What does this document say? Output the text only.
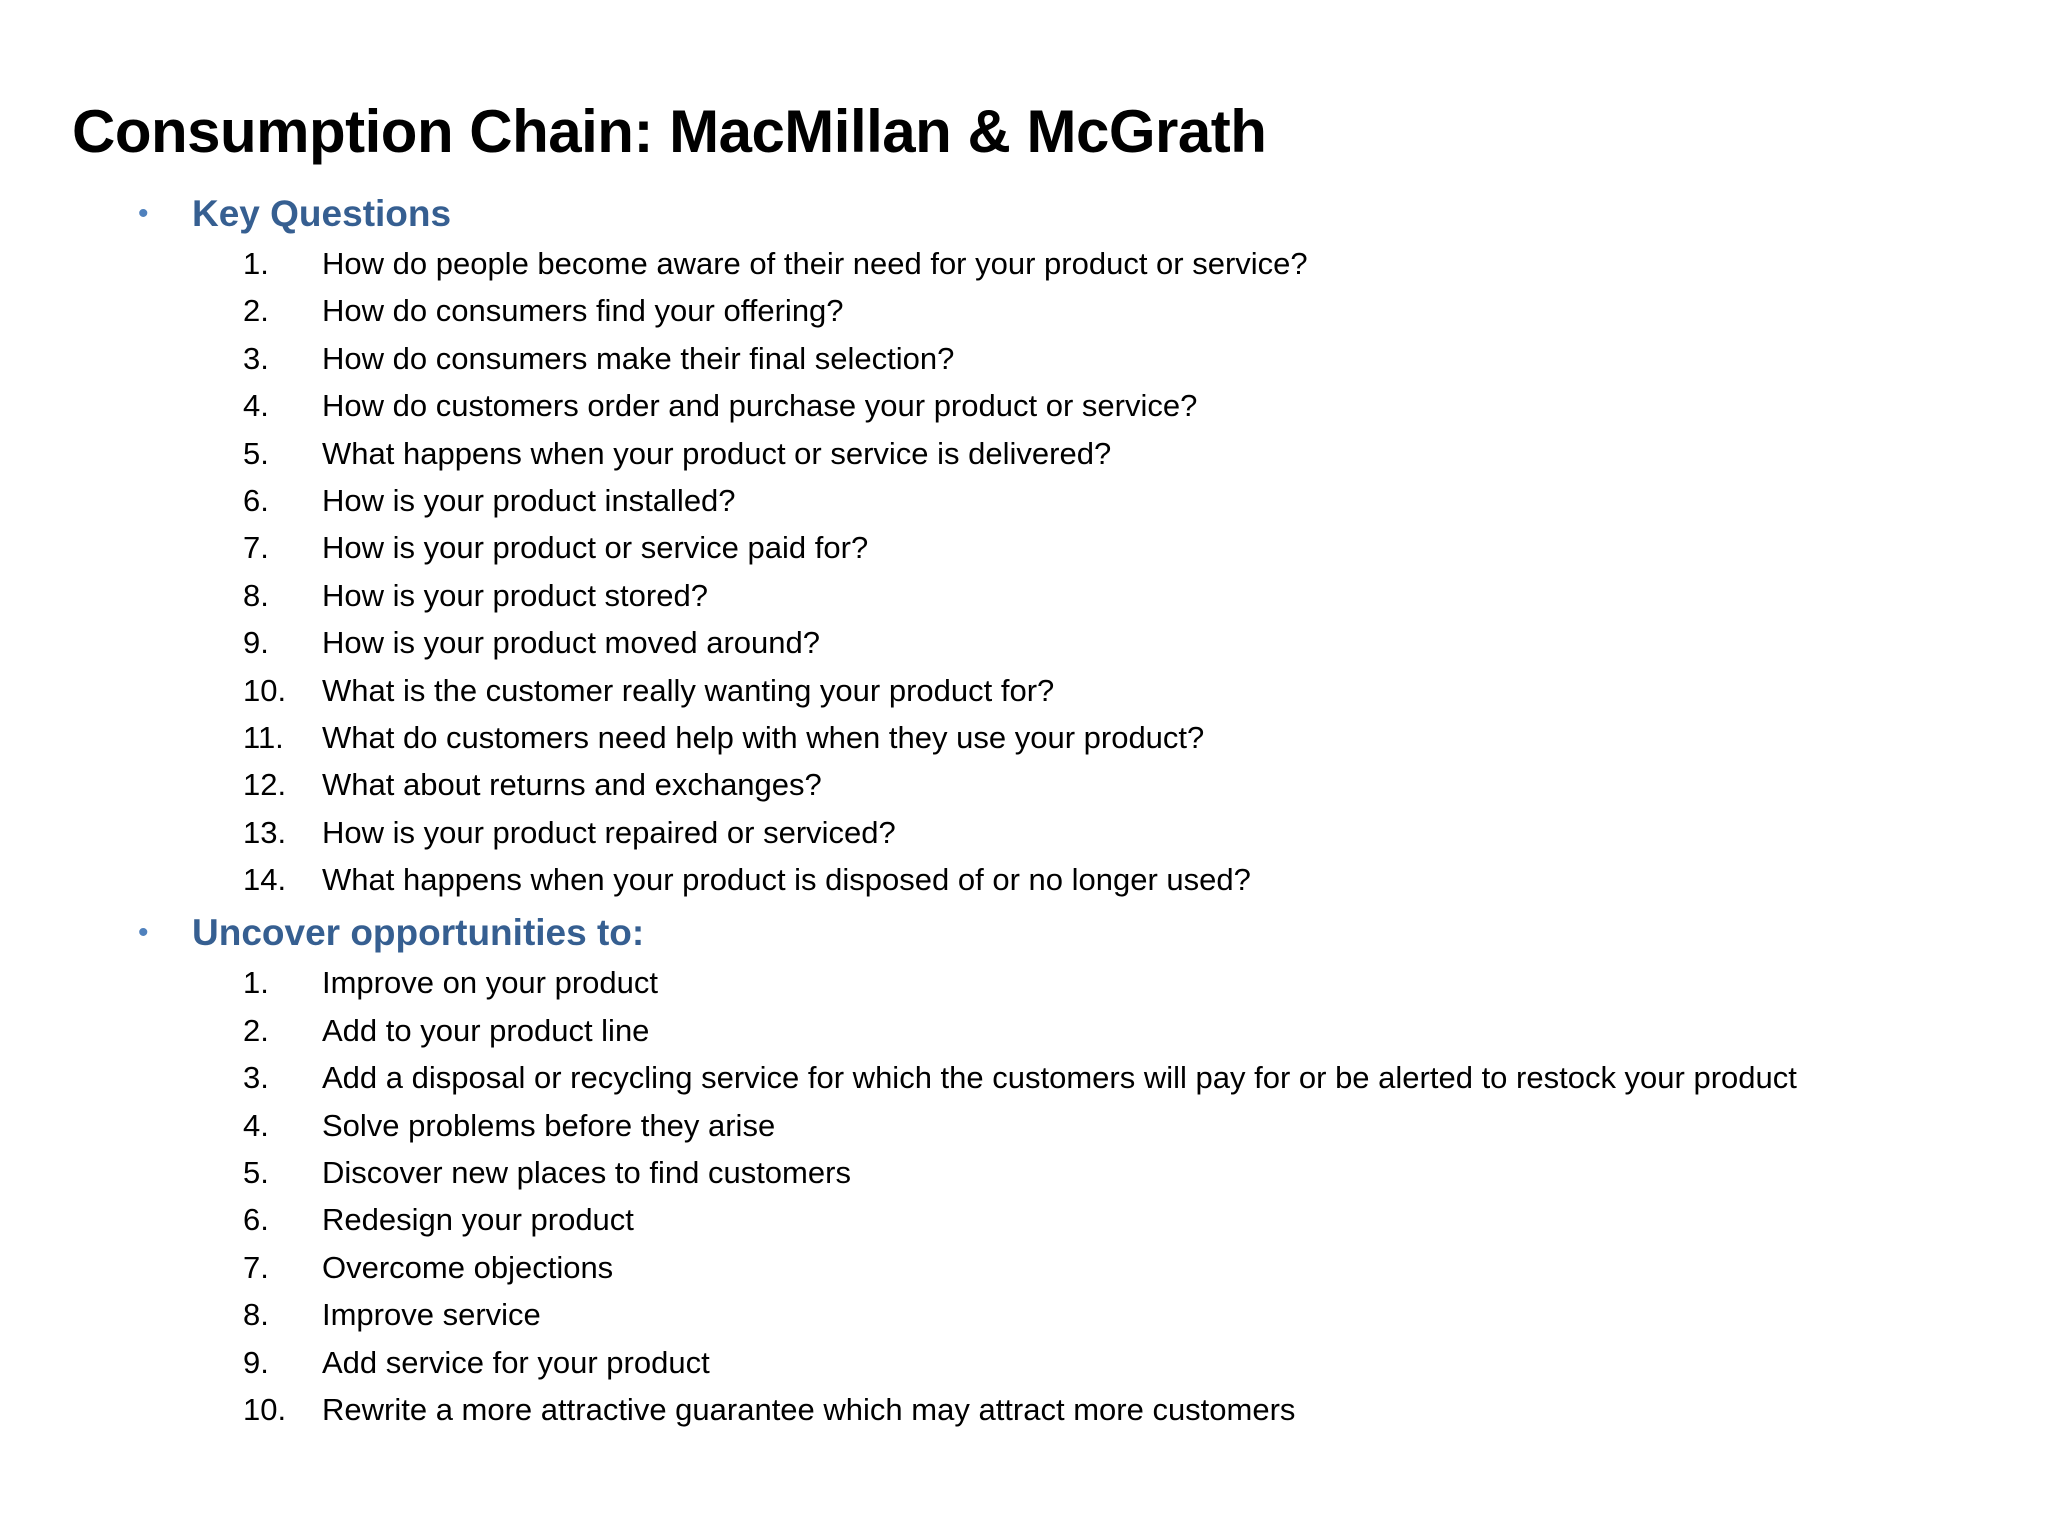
Consumption Chain: MacMillan & McGrath
• Key Questions
1. How do people become aware of their need for your product or service?
2. How do consumers find your offering?
3. How do consumers make their final selection?
4. How do customers order and purchase your product or service?
5. What happens when your product or service is delivered?
6. How is your product installed?
7. How is your product or service paid for?
8. How is your product stored?
9. How is your product moved around?
10. What is the customer really wanting your product for?
11. What do customers need help with when they use your product?
12. What about returns and exchanges?
13. How is your product repaired or serviced?
14. What happens when your product is disposed of or no longer used?
• Uncover opportunities to:
1. Improve on your product
2. Add to your product line
3. Add a disposal or recycling service for which the customers will pay for or be alerted to restock your product
4. Solve problems before they arise
5. Discover new places to find customers
6. Redesign your product
7. Overcome objections
8. Improve service
9. Add service for your product
10. Rewrite a more attractive guarantee which may attract more customers
